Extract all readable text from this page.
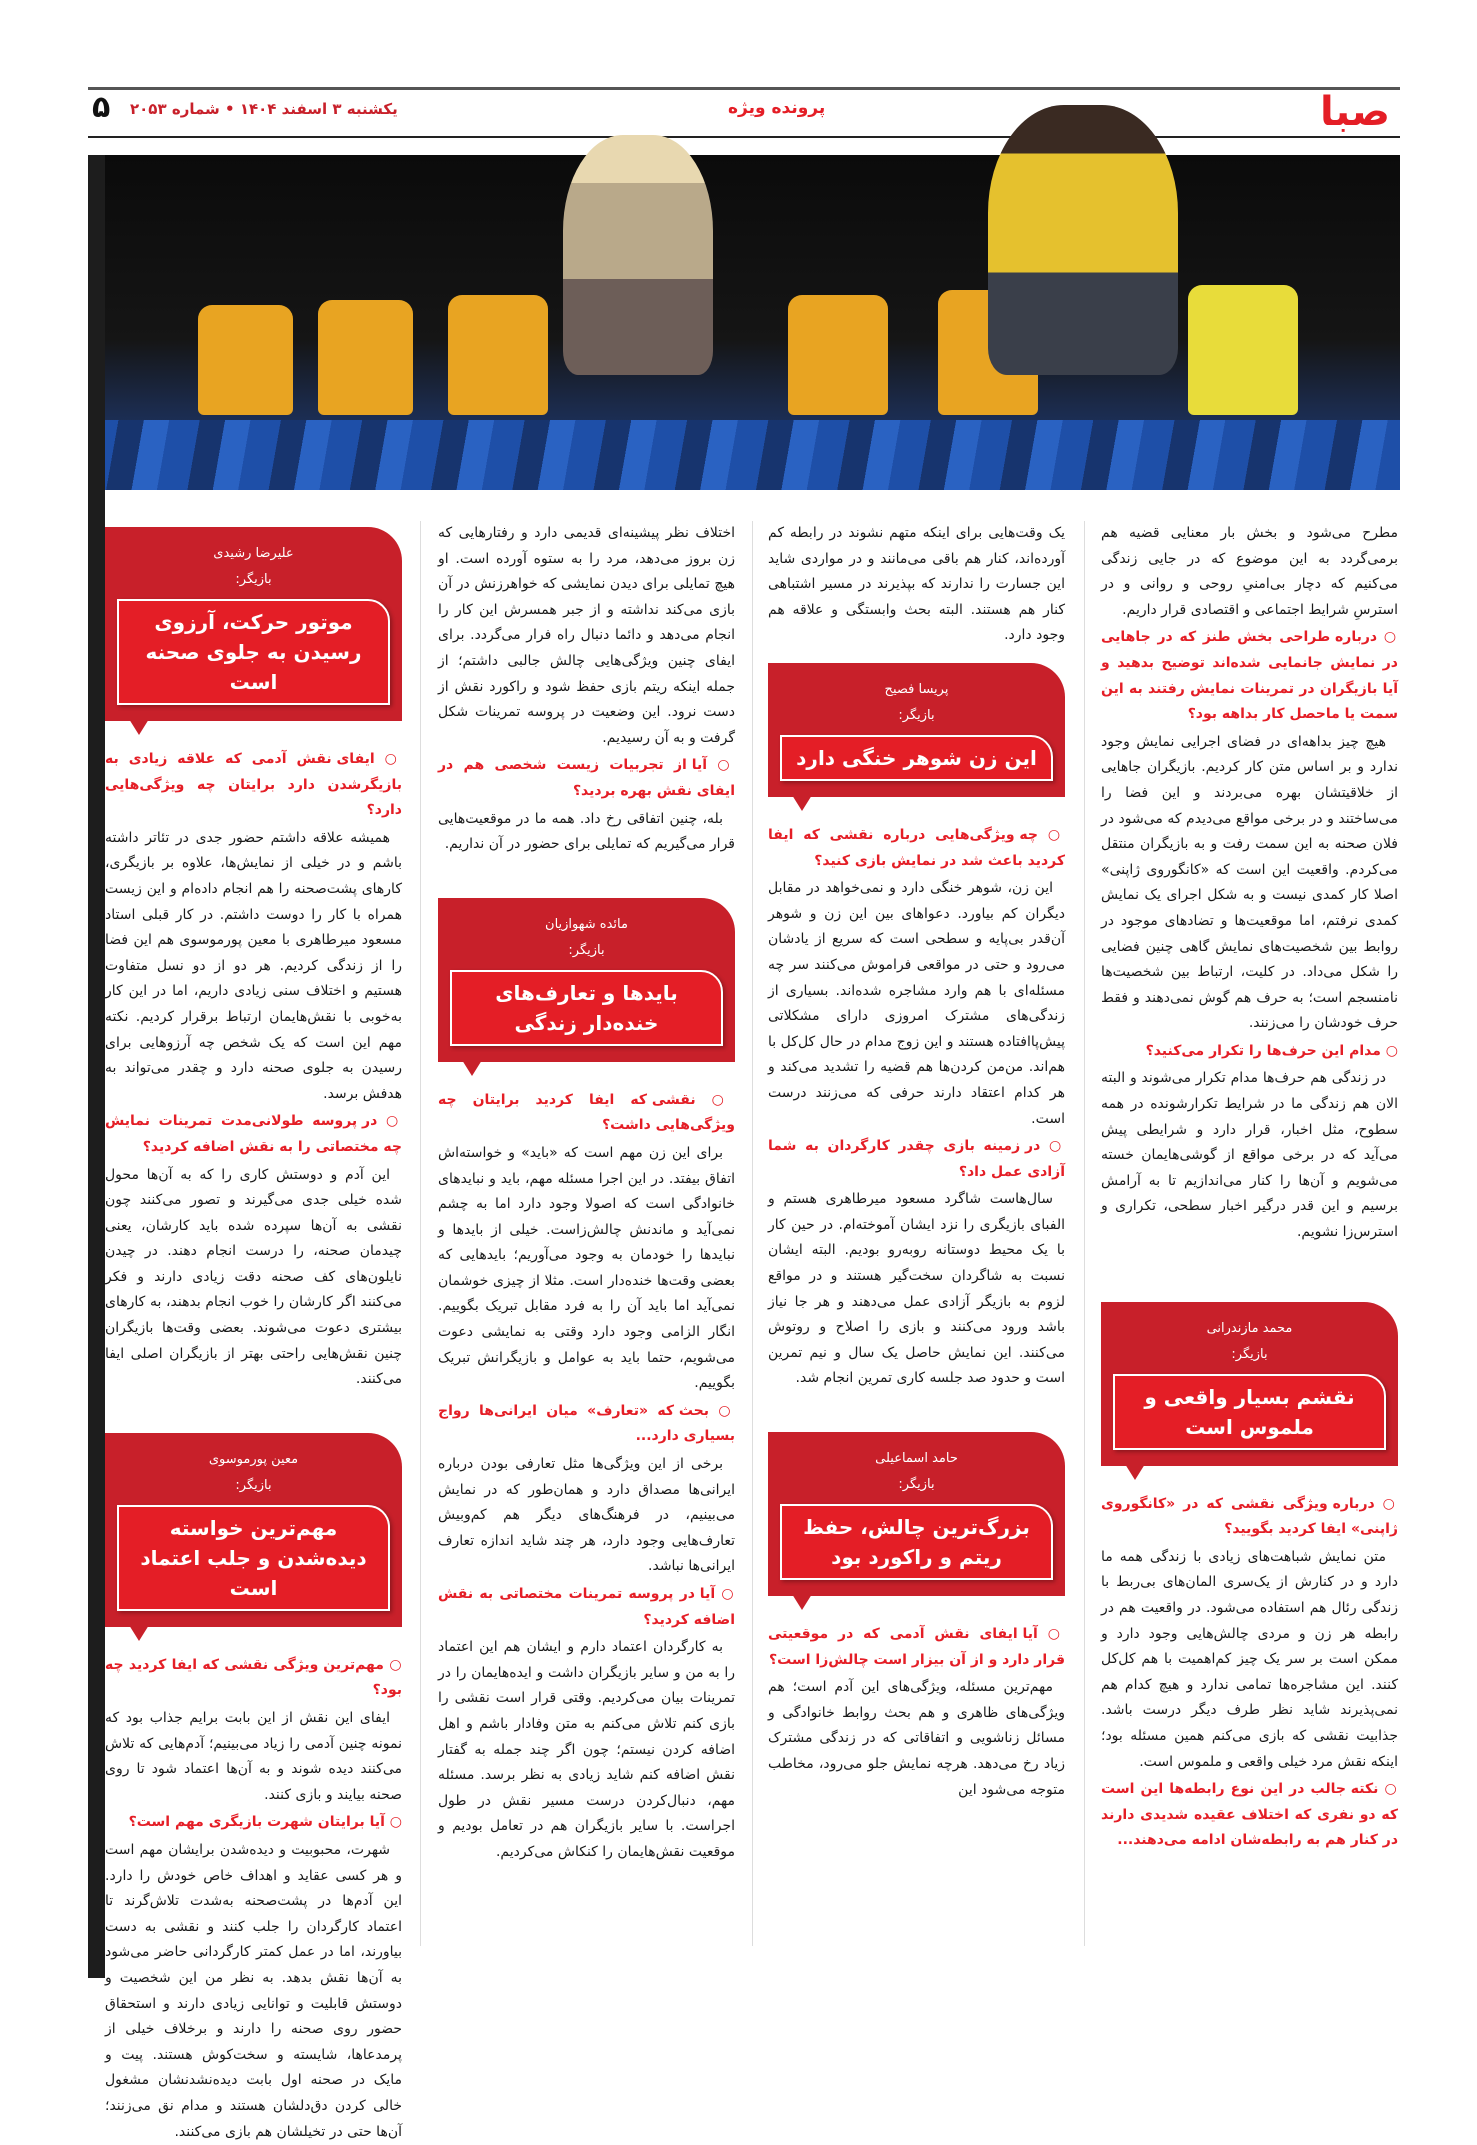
صبا
پرونده ویژه
یکشنبه ۳ اسفند ۱۴۰۴ • شماره ۲۰۵۳
۵

مطرح می‌شود و بخش بار معنایی قضیه هم برمی‌گردد به این موضوع که در جایی زندگی می‌کنیم که دچار بی‌امنیِ روحی و روانی و در استرسِ شرایط اجتماعی و اقتصادی قرار داریم.

○ درباره طراحی بخش طنز که در جاهایی در نمایش جانمایی شده‌اند توضیح بدهید و آیا بازیگران در تمرینات نمایش رفتند به این سمت یا ماحصل کار بداهه بود؟

هیچ چیز بداهه‌ای در فضای اجرایی نمایش وجود ندارد و بر اساس متن کار کردیم. بازیگران جاهایی از خلاقیتشان بهره می‌بردند و این فضا را می‌ساختند و در برخی مواقع می‌دیدم که می‌شود در فلان صحنه به این سمت رفت و به بازیگران منتقل می‌کردم. واقعیت این است که «کانگوروی ژاپنی» اصلا کار کمدی نیست و به شکل اجرای یک نمایش کمدی نرفتم، اما موقعیت‌ها و تضادهای موجود در روابط بین شخصیت‌های نمایش گاهی چنین فضایی را شکل می‌داد. در کلیت، ارتباط بین شخصیت‌ها نامنسجم است؛ به حرف هم گوش نمی‌دهند و فقط حرف خودشان را می‌زنند.

○ مدام این حرف‌ها را تکرار می‌کنید؟

در زندگی هم حرف‌ها مدام تکرار می‌شوند و البته الان هم زندگی ما در شرایط تکرارشونده در همه سطوح، مثل اخبار، قرار دارد و شرایطی پیش می‌آید که در برخی مواقع از گوشی‌هایمان خسته می‌شویم و آن‌ها را کنار می‌اندازیم تا به آرامش برسیم و این قدر درگیر اخبار سطحی، تکراری و استرس‌زا نشویم.

محمد مازندرانی
بازیگر:
نقشم بسیار واقعی و ملموس است

○ درباره ویژگی نقشی که در «کانگوروی ژاپنی» ایفا کردید بگویید؟

متن نمایش شباهت‌های زیادی با زندگی همه ما دارد و در کنارش از یک‌سری المان‌های بی‌ربط با زندگی رئال هم استفاده می‌شود. در واقعیت هم در رابطه هر زن و مردی چالش‌هایی وجود دارد و ممکن است بر سر یک چیز کم‌اهمیت با هم کل‌کل کنند. این مشاجره‌ها تمامی ندارد و هیچ کدام هم نمی‌پذیرند شاید نظر طرف دیگر درست باشد. جذابیت نقشی که بازی می‌کنم همین مسئله بود؛ اینکه نقش مرد خیلی واقعی و ملموس است.

○ نکته جالب در این نوع رابطه‌ها این است که دو نفری که اختلاف عقیده شدیدی دارند در کنار هم به رابطه‌شان ادامه می‌دهند...

یک وقت‌هایی برای اینکه متهم نشوند در رابطه کم آورده‌اند، کنار هم باقی می‌مانند و در مواردی شاید این جسارت را ندارند که بپذیرند در مسیر اشتباهی کنار هم هستند. البته بحث وابستگی و علاقه هم وجود دارد.

پریسا فصیح
بازیگر:
این زن شوهر خنگی دارد

○ چه ویژگی‌هایی درباره نقشی که ایفا کردید باعث شد در نمایش بازی کنید؟

این زن، شوهر خنگی دارد و نمی‌خواهد در مقابل دیگران کم بیاورد. دعواهای بین این زن و شوهر آن‌قدر بی‌پایه و سطحی است که سریع از یادشان می‌رود و حتی در مواقعی فراموش می‌کنند سر چه مسئله‌ای با هم وارد مشاجره شده‌اند. بسیاری از زندگی‌های مشترک امروزی دارای مشکلاتی پیش‌پاافتاده هستند و این زوج مدام در حال کل‌کل با هم‌اند. من‌من کردن‌ها هم قضیه را تشدید می‌کند و هر کدام اعتقاد دارند حرفی که می‌زنند درست است.

○ در زمینه بازی چقدر کارگردان به شما آزادی عمل داد؟

سال‌هاست شاگرد مسعود میرطاهری هستم و الفبای بازیگری را نزد ایشان آموخته‌ام. در حین کار با یک محیط دوستانه روبه‌رو بودیم. البته ایشان نسبت به شاگردان سخت‌گیر هستند و در مواقع لزوم به بازیگر آزادی عمل می‌دهند و هر جا نیاز باشد ورود می‌کنند و بازی را اصلاح و روتوش می‌کنند. این نمایش حاصل یک سال و نیم تمرین است و حدود صد جلسه کاری تمرین انجام شد.

حامد اسماعیلی
بازیگر:
بزرگ‌ترین چالش، حفظ ریتم و راکورد بود

○ آیا ایفای نقش آدمی که در موقعیتی قرار دارد و از آن بیزار است چالش‌زا است؟

مهم‌ترین مسئله، ویژگی‌های این آدم است؛ هم ویژگی‌های ظاهری و هم بحث روابط خانوادگی و مسائل زناشویی و اتفاقاتی که در زندگی مشترک زیاد رخ می‌دهد. هرچه نمایش جلو می‌رود، مخاطب متوجه می‌شود این

اختلاف نظر پیشینه‌ای قدیمی دارد و رفتارهایی که زن بروز می‌دهد، مرد را به ستوه آورده است. او هیچ تمایلی برای دیدن نمایشی که خواهرزنش در آن بازی می‌کند نداشته و از جبر همسرش این کار را انجام می‌دهد و دائما دنبال راه فرار می‌گردد. برای ایفای چنین ویژگی‌هایی چالش جالبی داشتم؛ از جمله اینکه ریتم بازی حفظ شود و راکورد نقش از دست نرود. این وضعیت در پروسه تمرینات شکل گرفت و به آن رسیدیم.

○ آیا از تجربیات زیست شخصی هم در ایفای نقش بهره بردید؟

بله، چنین اتفاقی رخ داد. همه ما در موقعیت‌هایی قرار می‌گیریم که تمایلی برای حضور در آن نداریم.

مائده شهوازیان
بازیگر:
بایدها و تعارف‌های خنده‌دار زندگی

○ نقشی که ایفا کردید برایتان چه ویژگی‌هایی داشت؟

برای این زن مهم است که «باید» و خواسته‌اش اتفاق بیفتد. در این اجرا مسئله مهم، باید و نبایدهای خانوادگی است که اصولا وجود دارد اما به چشم نمی‌آید و ماندنش چالش‌زاست. خیلی از بایدها و نبایدها را خودمان به وجود می‌آوریم؛ بایدهایی که بعضی وقت‌ها خنده‌دار است. مثلا از چیزی خوشمان نمی‌آید اما باید آن را به فرد مقابل تبریک بگوییم. انگار الزامی وجود دارد وقتی به نمایشی دعوت می‌شویم، حتما باید به عوامل و بازیگرانش تبریک بگوییم.

○ بحث که «تعارف» میان ایرانی‌ها رواج بسیاری دارد...

برخی از این ویژگی‌ها مثل تعارفی بودن درباره ایرانی‌ها مصداق دارد و همان‌طور که در نمایش می‌بینیم، در فرهنگ‌های دیگر هم کم‌وبیش تعارف‌هایی وجود دارد، هر چند شاید اندازه تعارف ایرانی‌ها نباشد.

○ آیا در پروسه تمرینات مختصاتی به نقش اضافه کردید؟

به کارگردان اعتماد دارم و ایشان هم این اعتماد را به من و سایر بازیگران داشت و ایده‌هایمان را در تمرینات بیان می‌کردیم. وقتی قرار است نقشی را بازی کنم تلاش می‌کنم به متن وفادار باشم و اهل اضافه کردن نیستم؛ چون اگر چند جمله به گفتار نقش اضافه کنم شاید زیادی به نظر برسد. مسئله مهم، دنبال‌کردن درست مسیر نقش در طول اجراست. با سایر بازیگران هم در تعامل بودیم و موقعیت نقش‌هایمان را کنکاش می‌کردیم.

علیرضا رشیدی
بازیگر:
موتور حرکت، آرزوی رسیدن به جلوی صحنه است

○ ایفای نقش آدمی که علاقه زیادی به بازیگرشدن دارد برایتان چه ویژگی‌هایی دارد؟

همیشه علاقه داشتم حضور جدی در تئاتر داشته باشم و در خیلی از نمایش‌ها، علاوه بر بازیگری، کارهای پشت‌صحنه را هم انجام داده‌ام و این زیست همراه با کار را دوست داشتم. در کار قبلی استاد مسعود میرطاهری با معین پورموسوی هم این فضا را از زندگی کردیم. هر دو از دو نسل متفاوت هستیم و اختلاف سنی زیادی داریم، اما در این کار به‌خوبی با نقش‌هایمان ارتباط برقرار کردیم. نکته مهم این است که یک شخص چه آرزوهایی برای رسیدن به جلوی صحنه دارد و چقدر می‌تواند به هدفش برسد.

○ در پروسه طولانی‌مدت تمرینات نمایش چه مختصاتی را به نقش اضافه کردید؟

این آدم و دوستش کاری را که به آن‌ها محول شده خیلی جدی می‌گیرند و تصور می‌کنند چون نقشی به آن‌ها سپرده شده باید کارشان، یعنی چیدمان صحنه، را درست انجام دهند. در چیدن نایلون‌های کف صحنه دقت زیادی دارند و فکر می‌کنند اگر کارشان را خوب انجام بدهند، به کارهای بیشتری دعوت می‌شوند. بعضی وقت‌ها بازیگران چنین نقش‌هایی راحتی بهتر از بازیگران اصلی ایفا می‌کنند.

معین پورموسوی
بازیگر:
مهم‌ترین خواسته دیده‌شدن و جلب اعتماد است

○ مهم‌ترین ویژگی نقشی که ایفا کردید چه بود؟

ایفای این نقش از این بابت برایم جذاب بود که نمونه چنین آدمی را زیاد می‌بینیم؛ آدم‌هایی که تلاش می‌کنند دیده شوند و به آن‌ها اعتماد شود تا روی صحنه بیایند و بازی کنند.

○ آیا برایتان شهرت بازیگری مهم است؟

شهرت، محبوبیت و دیده‌شدن برایشان مهم است و هر کسی عقاید و اهداف خاص خودش را دارد. این آدم‌ها در پشت‌صحنه به‌شدت تلاش‌گرند تا اعتماد کارگردان را جلب کنند و نقشی به دست بیاورند، اما در عمل کمتر کارگردانی حاضر می‌شود به آن‌ها نقش بدهد. به نظر من این شخصیت و دوستش قابلیت و توانایی زیادی دارند و استحقاق حضور روی صحنه را دارند و برخلاف خیلی از پرمدعاها، شایسته و سخت‌کوش هستند. پیت و مایک در صحنه اول بابت دیده‌نشدنشان مشغول خالی کردن دق‌دلشان هستند و مدام نق می‌زنند؛ آن‌ها حتی در تخیلشان هم بازی می‌کنند.
